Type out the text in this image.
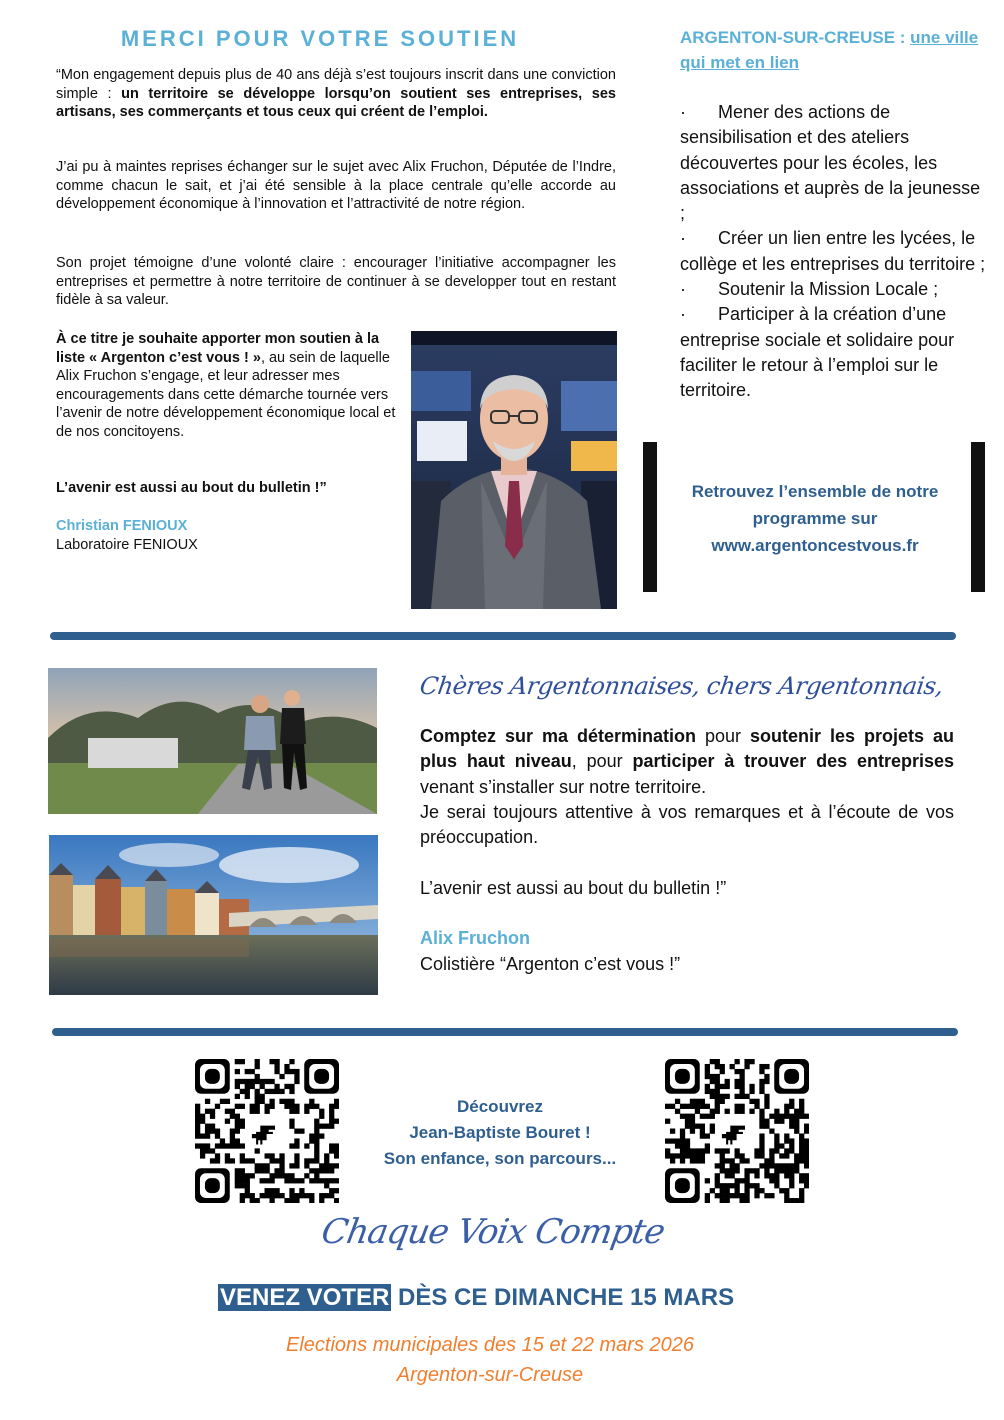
MERCI POUR VOTRE SOUTIEN

“Mon engagement depuis plus de 40 ans déjà s’est toujours inscrit dans une conviction simple : un territoire se développe lorsqu’on soutient ses entreprises, ses artisans, ses commerçants et tous ceux qui créent de l’emploi.

J’ai pu à maintes reprises échanger sur le sujet avec Alix Fruchon, Députée de l’Indre, comme chacun le sait, et j’ai été sensible à la place centrale qu’elle accorde au développement économique à l’innovation et l’attractivité de notre région.

Son projet témoigne d’une volonté claire : encourager l’initiative accompagner les entreprises et permettre à notre territoire de continuer à se developper tout en restant fidèle à sa valeur.

À ce titre je souhaite apporter mon soutien à la liste « Argenton c’est vous ! », au sein de laquelle Alix Fruchon s’engage, et leur adresser mes encouragements dans cette démarche tournée vers l’avenir de notre développement économique local et de nos concitoyens.

L’avenir est aussi au bout du bulletin !”

Christian FENIOUX

Laboratoire FENIOUX

ARGENTON-SUR-CREUSE : une ville qui met en lien
· Mener des actions de sensibilisation et des ateliers découvertes pour les écoles, les associations et auprès de la jeunesse ;
· Créer un lien entre les lycées, le collège et les entreprises du territoire ;
· Soutenir la Mission Locale ;
· Participer à la création d’une entreprise sociale et solidaire pour faciliter le retour à l’emploi sur le territoire.
Retrouvez l’ensemble de notre
programme sur
www.argentoncestvous.fr
Chères Argentonnaises, chers Argentonnais,

Comptez sur ma détermination pour soutenir les projets au plus haut niveau, pour participer à trouver des entreprises venant s’installer sur notre territoire.

Je serai toujours attentive à vos remarques et à l’écoute de vos préoccupation.

L’avenir est aussi au bout du bulletin !”

Alix Fruchon

Colistière “Argenton c’est vous !”

Découvrez
Jean-Baptiste Bouret !
Son enfance, son parcours...
Chaque Voix Compte
VENEZ VOTER DÈS CE DIMANCHE 15 MARS
Elections municipales des 15 et 22 mars 2026
Argenton-sur-Creuse
